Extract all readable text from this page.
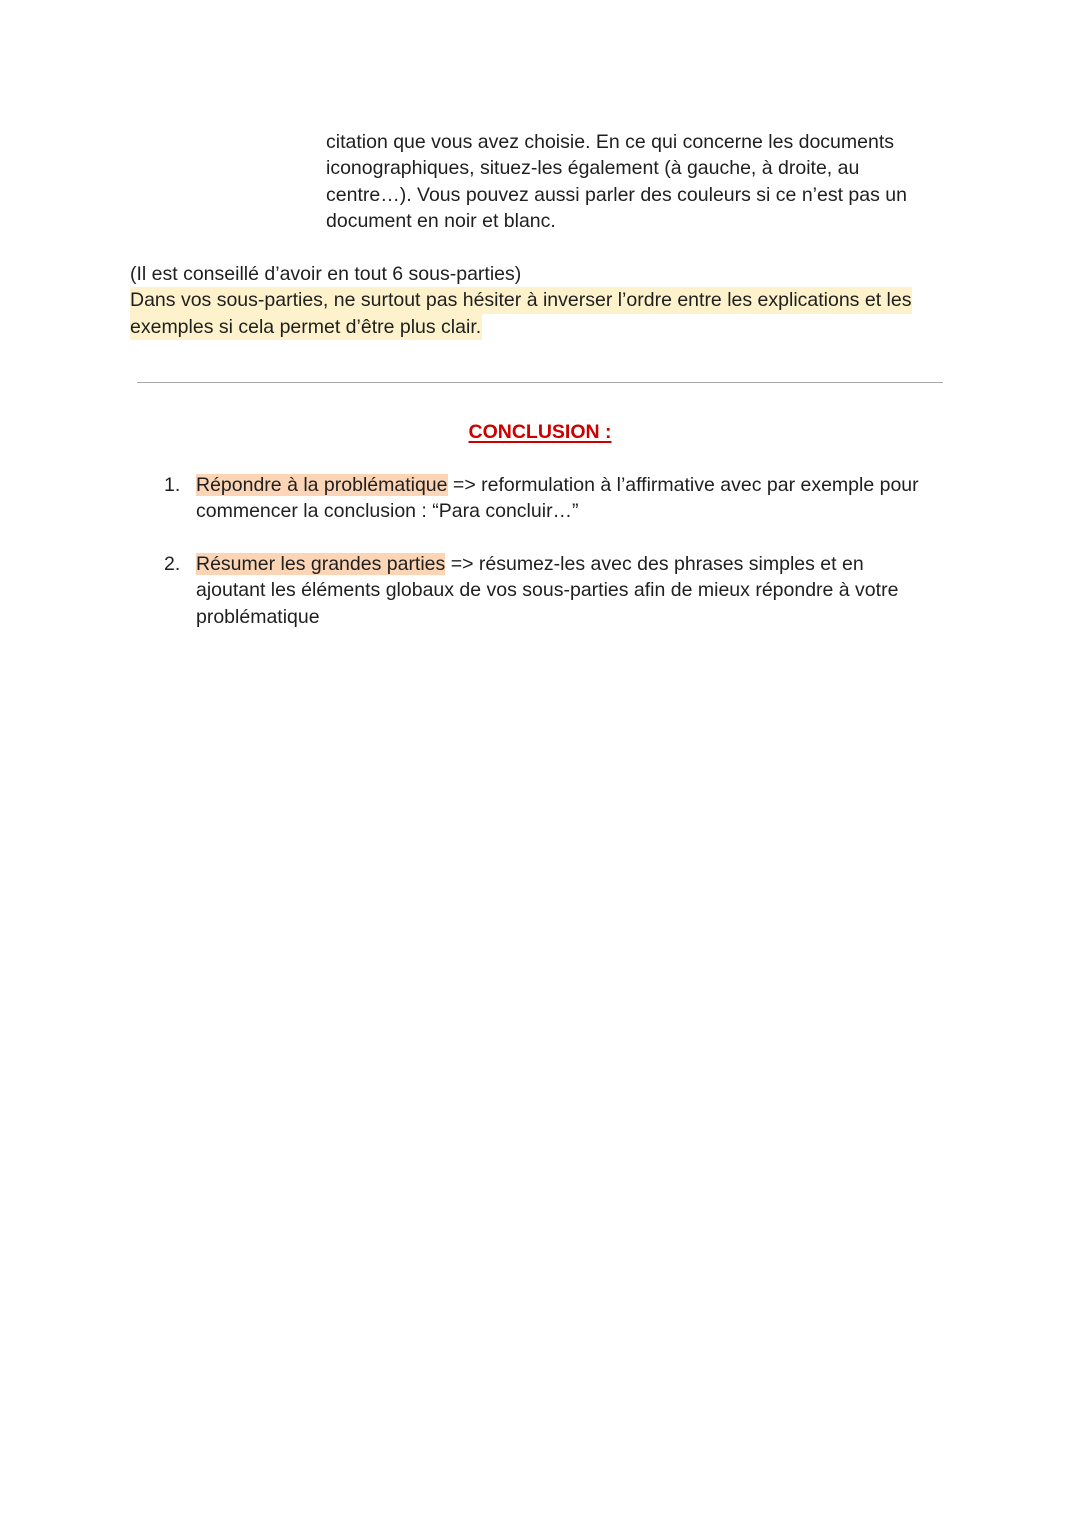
citation que vous avez choisie. En ce qui concerne les documents
iconographiques, situez-les également (à gauche, à droite, au
centre…). Vous pouvez aussi parler des couleurs si ce n’est pas un
document en noir et blanc.
(Il est conseillé d’avoir en tout 6 sous-parties)
Dans vos sous-parties, ne surtout pas hésiter à inverser l’ordre entre les explications et les
exemples si cela permet d’être plus clair.
CONCLUSION :
1. Répondre à la problématique => reformulation à l’affirmative avec par exemple pour
commencer la conclusion : “Para concluir…”
2. Résumer les grandes parties => résumez-les avec des phrases simples et en
ajoutant les éléments globaux de vos sous-parties afin de mieux répondre à votre
problématique
